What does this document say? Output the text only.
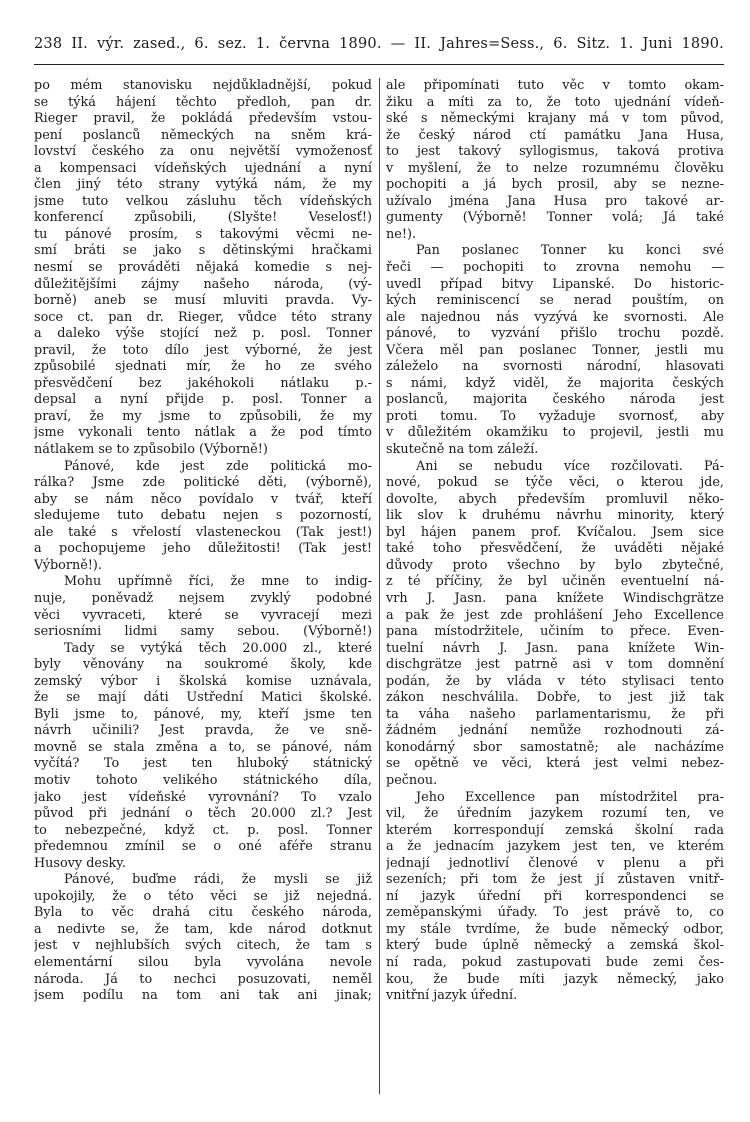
238 II. výr. zased., 6. sez. 1. června 1890. — II. Jahres=Sess., 6. Sitz. 1. Juni 1890.

po mém stanovisku nejdůkladnější, pokud

se týká hájení těchto předloh, pan dr.

Rieger pravil, že pokládá především vstou-

pení poslanců německých na sněm krá-

lovství českého za onu největší vymoženosť

a kompensaci vídeňských ujednání a nyní

člen jiný této strany vytýká nám, že my

jsme tuto velkou zásluhu těch vídeňských

konferencí způsobili, (Slyšte! Veselosť!)

tu pánové prosím, s takovými věcmi ne-

smí bráti se jako s dětinskými hračkami

nesmí se prováděti nějaká komedie s nej-

důležitějšími zájmy našeho národa, (vý-

borně) aneb se musí mluviti pravda. Vy-

soce ct. pan dr. Rieger, vůdce této strany

a daleko výše stojící než p. posl. Tonner

pravil, že toto dílo jest výborné, že jest

způsobilé sjednati mír, že ho ze svého

přesvědčení bez jakéhokoli nátlaku p.-

depsal a nyní přijde p. posl. Tonner a

praví, že my jsme to způsobili, že my

jsme vykonali tento nátlak a že pod tímto

nátlakem se to způsobilo (Výborně!)

Pánové, kde jest zde politická mo-

rálka? Jsme zde politické děti, (výborně),

aby se nám něco povídalo v tvář, kteří

sledujeme tuto debatu nejen s pozorností,

ale také s vřelostí vlasteneckou (Tak jest!)

a pochopujeme jeho důležitosti! (Tak jest!

Výborně!).

Mohu upřímně říci, že mne to indig-

nuje, poněvadž nejsem zvyklý podobné

věci vyvraceti, které se vyvracejí mezi

seriosními lidmi samy sebou. (Výborně!)

Tady se vytýká těch 20.000 zl., které

byly věnovány na soukromé školy, kde

zemský výbor i školská komise uznávala,

že se mají dáti Ustřední Matici školské.

Byli jsme to, pánové, my, kteří jsme ten

návrh učinili? Jest pravda, že ve sně-

movně se stala změna a to, se pánové, nám

vyčítá? To jest ten hluboký státnický

motiv tohoto velikého státnického díla,

jako jest vídeňské vyrovnání? To vzalo

původ při jednání o těch 20.000 zl.? Jest

to nebezpečné, když ct. p. posl. Tonner

předemnou zmínil se o oné aféře stranu

Husovy desky.

Pánové, buďme rádi, že mysli se již

upokojily, že o této věci se již nejedná.

Byla to věc drahá citu českého národa,

a nedivte se, že tam, kde národ dotknut

jest v nejhlubších svých citech, že tam s

elementární silou byla vyvolána nevole

národa. Já to nechci posuzovati, neměl

jsem podílu na tom ani tak ani jinak;

ale připomínati tuto věc v tomto okam-

žiku a míti za to, že toto ujednání vídeň-

ské s německými krajany má v tom původ,

že český národ ctí památku Jana Husa,

to jest takový syllogismus, taková protiva

v myšlení, že to nelze rozumnému člověku

pochopiti a já bych prosil, aby se nezne-

užívalo jména Jana Husa pro takové ar-

gumenty (Výborně! Tonner volá; Já také

ne!).

Pan poslanec Tonner ku konci své

řeči — pochopiti to zrovna nemohu —

uvedl případ bitvy Lipanské. Do historic-

kých reminiscencí se nerad pouštím, on

ale najednou nás vyzývá ke svornosti. Ale

pánové, to vyzvání přišlo trochu pozdě.

Včera měl pan poslanec Tonner, jestli mu

záleželo na svornosti národní, hlasovati

s námi, když viděl, že majorita českých

poslanců, majorita českého národa jest

proti tomu. To vyžaduje svornosť, aby

v důležitém okamžiku to projevil, jestli mu

skutečně na tom záleží.

Ani se nebudu více rozčilovati. Pá-

nové, pokud se týče věci, o kterou jde,

dovolte, abych především promluvil něko-

lik slov k druhému návrhu minority, který

byl hájen panem prof. Kvíčalou. Jsem sice

také toho přesvědčení, že uváděti nějaké

důvody proto všechno by bylo zbytečné,

z té příčiny, že byl učiněn eventuelní ná-

vrh J. Jasn. pana knížete Windischgrätze

a pak že jest zde prohlášení Jeho Excellence

pana místodržitele, učiním to přece. Even-

tuelní návrh J. Jasn. pana knížete Win-

dischgrätze jest patrně asi v tom domnění

podán, že by vláda v této stylisaci tento

zákon neschválila. Dobře, to jest již tak

ta váha našeho parlamentarismu, že při

žádném jednání nemůže rozhodnouti zá-

konodárný sbor samostatně; ale nacházíme

se opětně ve věci, která jest velmi nebez-

pečnou.

Jeho Excellence pan místodržitel pra-

vil, že úředním jazykem rozumí ten, ve

kterém korrespondují zemská školní rada

a že jednacím jazykem jest ten, ve kterém

jednají jednotliví členové v plenu a při

sezeních; při tom že jest jí zůstaven vnitř-

ní jazyk úřední při korrespondenci se

zeměpanskými úřady. To jest právě to, co

my stále tvrdíme, že bude německý odbor,

který bude úplně německý a zemská škol-

ní rada, pokud zastupovati bude zemi čes-

kou, že bude míti jazyk německý, jako

vnitřní jazyk úřední.
